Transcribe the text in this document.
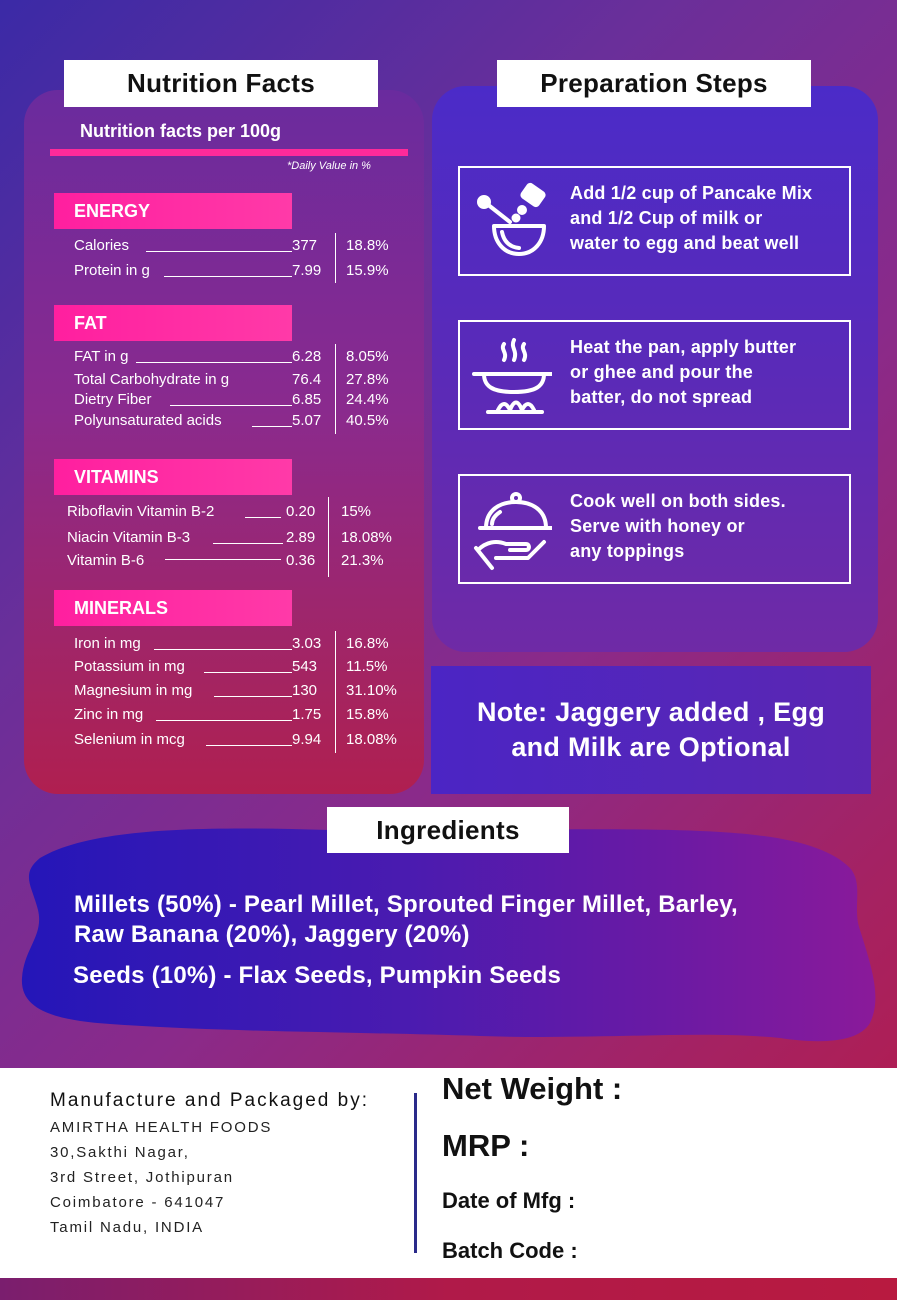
Nutrition Facts
Nutrition facts per 100g
*Daily Value in %
ENERGY
Calories	377 18.8%
Protein in g	7.99 15.9%
FAT
FAT in g	6.28 8.05%
Total Carbohydrate in g	76.4 27.8%
Dietry Fiber	6.85 24.4%
Polyunsaturated acids	5.07 40.5%
VITAMINS
Riboflavin Vitamin B-2	0.20 15%
Niacin Vitamin B-3	2.89 18.08%
Vitamin B-6	0.36 21.3%
MINERALS
Iron in mg	3.03 16.8%
Potassium in mg	543 11.5%
Magnesium in mg	130 31.10%
Zinc in mg	1.75 15.8%
Selenium in mcg	9.94 18.08%
Preparation Steps
Add 1/2 cup of Pancake Mix
and 1/2 Cup of milk or
water to egg and beat well
Heat the pan, apply butter
or ghee and pour the
batter, do not spread
Cook well on both sides.
Serve with honey or
any toppings
Note: Jaggery added , Egg
and Milk are Optional
Ingredients
Millets (50%) - Pearl Millet, Sprouted Finger Millet, Barley,
Raw Banana (20%), Jaggery (20%)
Seeds (10%) - Flax Seeds, Pumpkin Seeds
Manufacture and Packaged by:
AMIRTHA HEALTH FOODS
30,Sakthi Nagar,
3rd Street, Jothipuran
Coimbatore - 641047
Tamil Nadu, INDIA
Net Weight :
MRP :
Date of Mfg :
Batch Code :
